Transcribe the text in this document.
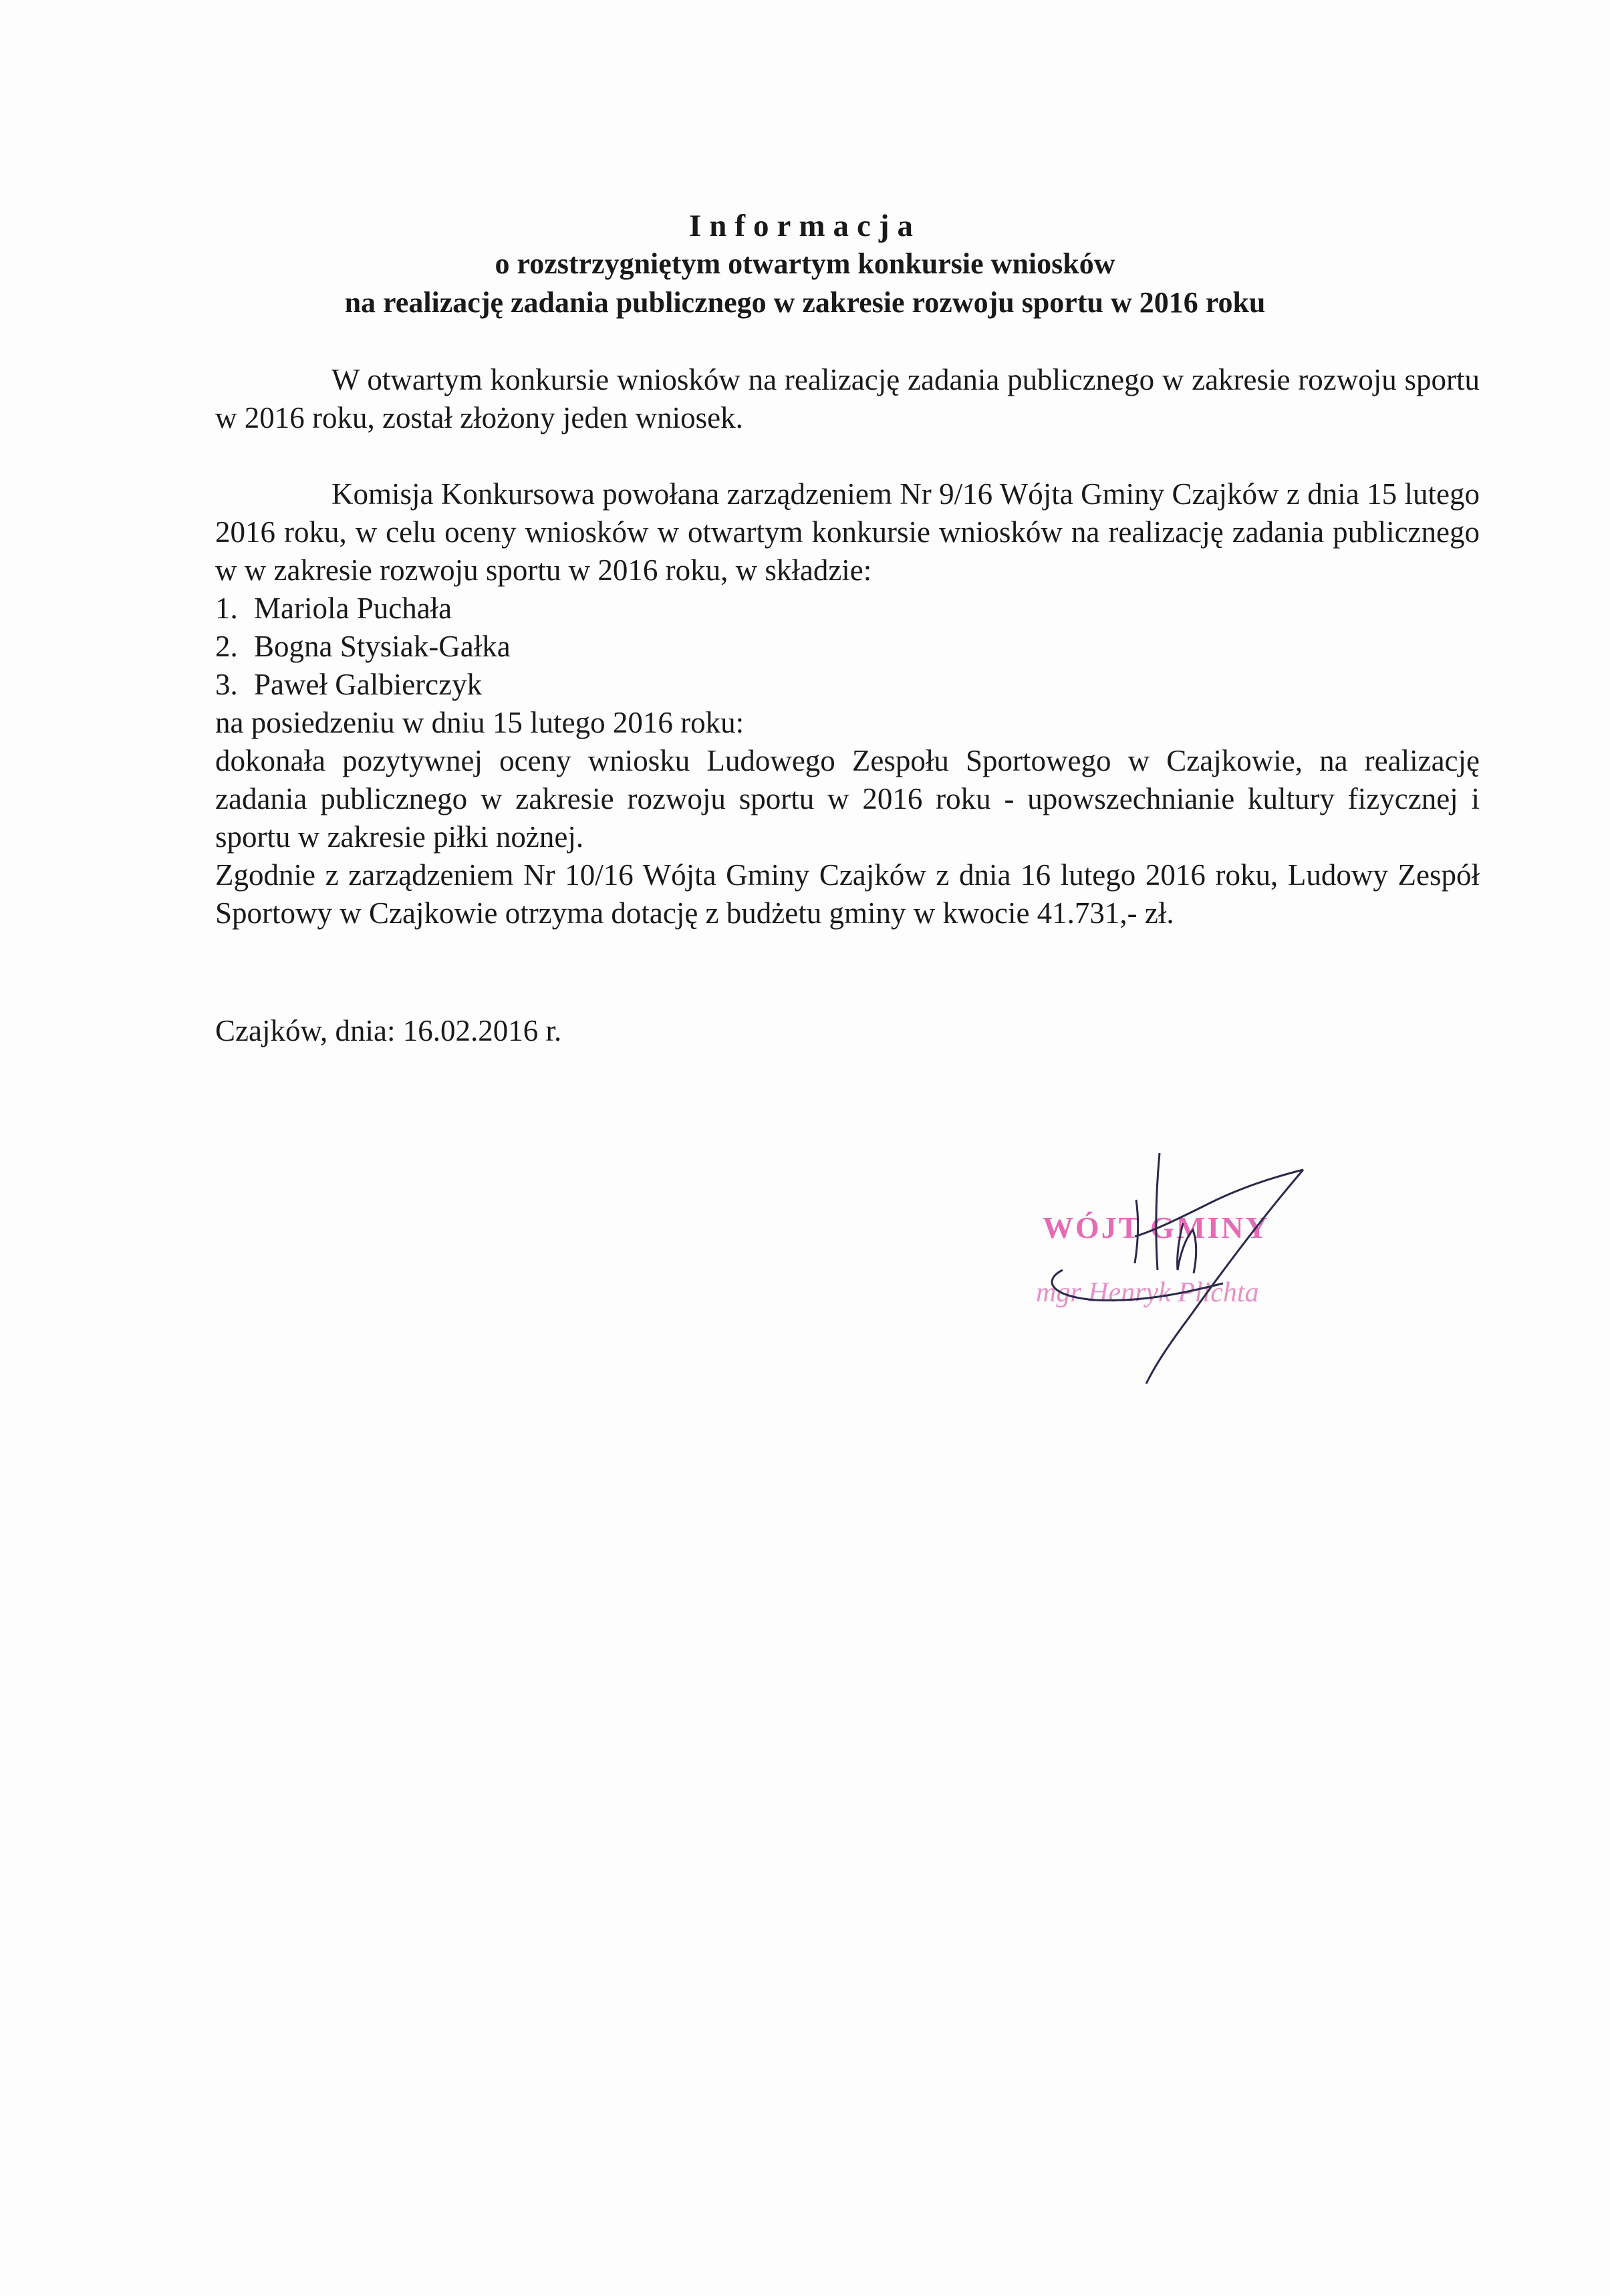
Informacja
o rozstrzygniętym otwartym konkursie wniosków
na realizację zadania publicznego w zakresie rozwoju sportu w 2016 roku
W otwartym konkursie wniosków na realizację zadania publicznego w zakresie rozwoju sportu w 2016 roku, został złożony jeden wniosek.
Komisja Konkursowa powołana zarządzeniem Nr 9/16 Wójta Gminy Czajków z dnia 15 lutego 2016 roku, w celu oceny wniosków w otwartym konkursie wniosków na realizację zadania publicznego w w zakresie rozwoju sportu w 2016 roku, w składzie:
1. Mariola Puchała
2. Bogna Stysiak-Gałka
3. Paweł Galbierczyk
na posiedzeniu w dniu 15 lutego 2016 roku:
dokonała pozytywnej oceny wniosku Ludowego Zespołu Sportowego w Czajkowie, na realizację zadania publicznego w zakresie rozwoju sportu w 2016 roku - upowszechnianie kultury fizycznej i sportu w zakresie piłki nożnej.
Zgodnie z zarządzeniem Nr 10/16 Wójta Gminy Czajków z dnia 16 lutego 2016 roku, Ludowy Zespół Sportowy w Czajkowie otrzyma dotację z budżetu gminy w kwocie 41.731,- zł.
Czajków, dnia: 16.02.2016 r.
WÓJT GMINY
mgr Henryk Plichta
